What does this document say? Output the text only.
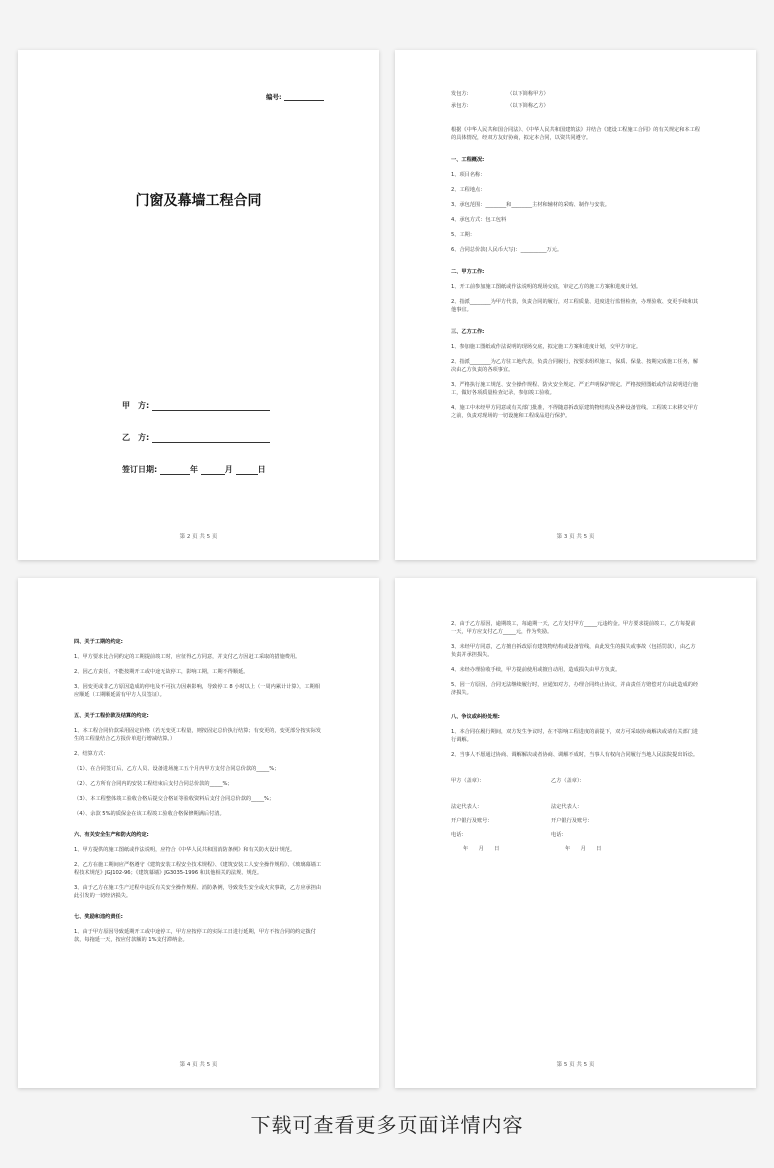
编号:
门窗及幕墙工程合同
甲　方:
乙　方:
签订日期:	年	月	日
第 2 页 共 5 页

发包方:　　　　　　　　（以下简称甲方）

承包方:　　　　　　　　（以下简称乙方）

根据《中华人民共和国合同法》、《中华人民共和国建筑法》并结合《建设工程施工合同》的有关规定和本工程的具体情况，经双方友好协商，拟定本合同，以资共同遵守。

一、工程概况:

1、项目名称：

2、工程地点：

3、承包范围：________和________主材和辅材的采购、制作与安装。

4、承包方式：包工包料

5、工期：

6、合同总价款(人民币大写)：__________万元。

二、甲方工作:

1、开工前参加施工图纸或作法说明的现场交底，审定乙方的施工方案和进度计划。

2、指派________为甲方代表，负责合同的履行，对工程质量、进度进行监督检查，办理验收、变更手续和其他事宜。

三、乙方工作:

1、参加施工图纸或作法说明的现场交底，拟定施工方案和进度计划，交甲方审定。

2、指派________为乙方驻工地代表，负责合同履行，按要求组织施工，保质、保量、按期完成施工任务，解决由乙方负责的各项事宜。

3、严格执行施工规范、安全操作规程、防火安全规定、严正声明保护规定。严格按照图纸或作法说明进行施工，做好各项质量检查记录，参加竣工验收。

4、施工中未经甲方同意或有关部门批准，不得随意拆改原建筑物结构及各种设备管线。工程竣工未移交甲方之前，负责对现场的一切设施和工程成品进行保护。

第 3 页 共 5 页

四、关于工期的约定:

1、甲方要求比合同约定的工期提前竣工时，应征得乙方同意，并支付乙方因赶工采取的措施费用。

2、因乙方责任，不能按期开工或中途无故停工，影响工期，工期不得顺延。

3、因变更或非乙方原因造成的停电及不可抗力因素影响，导致停工 8 小时以上（一周内累计计算），工期相应顺延（工期顺延需有甲方人员签证）。

五、关于工程价款及结算的约定:

1、本工程合同价款采用固定价格（若无变更工程量，则按固定总价执行结算；有变更的，变更部分按实际发生的工程量结合乙方报价单进行增减结算。）

2、结算方式：

（1）、在合同签订后，乙方人员、设备进场施工五个月内甲方支付合同总价款的_____%；

（2）、乙方所有合同内的安装工程结束后支付合同总价款的_____%；

（3）、本工程整体竣工验收合格后提交合格证等验收资料后支付合同总价款的_____%；

（4）、余款 5%的质保金在该工程竣工验收合格保修期满后付清。

六、有关安全生产和防火的约定:

1、甲方提供的施工图纸或作法说明，应符合《中华人民共和国消防条例》和有关防火设计规范。

2、乙方在施工期间应严格遵守《建筑安装工程安全技术规程》、《建筑安装工人安全操作规程》、《玻璃幕墙工程技术规范》JGJ102-96；《建筑幕墙》JG3035-1996 和其他相关的法规、规范。

3、由于乙方在施工生产过程中违反有关安全操作规程、消防条例，导致发生安全或火灾事故，乙方应承担由此引发的一切经济损失。

七、奖励和违约责任:

1、由于甲方原因导致延期开工或中途停工，甲方应按停工的实际工日进行延期，甲方不按合同的约定拨付款，每拖延一天，按应付款额的 1%支付滞纳金。

第 4 页 共 5 页

2、由于乙方原因，逾期竣工，每逾期一天，乙方支付甲方_____元违约金。甲方要求提前竣工，乙方每提前一天，甲方应支付乙方_____元，作为奖励。

3、未经甲方同意，乙方擅自拆改原有建筑物结构或设备管线，由此发生的损失或事故（包括罚款），由乙方负责并承担损失。

4、未经办理验收手续，甲方提前使用或擅自动用，造成损失由甲方负责。

5、因一方原因，合同无法继续履行时，应通知对方，办理合同终止协议，并由责任方赔偿对方由此造成的经济损失。

八、争议或纠纷处理:

1、本合同在履行期间，双方发生争议时，在不影响工程进度的前提下，双方可采取协商解决或请有关部门进行调解。

2、当事人不愿通过协商、调解解决或者协商、调解不成时，当事人有权向合同履行当地人民法院提出诉讼。

甲方（盖章）：	乙方（盖章）：
法定代表人：	法定代表人：
开户银行及账号：	开户银行及账号：
电话：	电话：
年　　月　　日	年　　月　　日
第 5 页 共 5 页
下载可查看更多页面详情内容
